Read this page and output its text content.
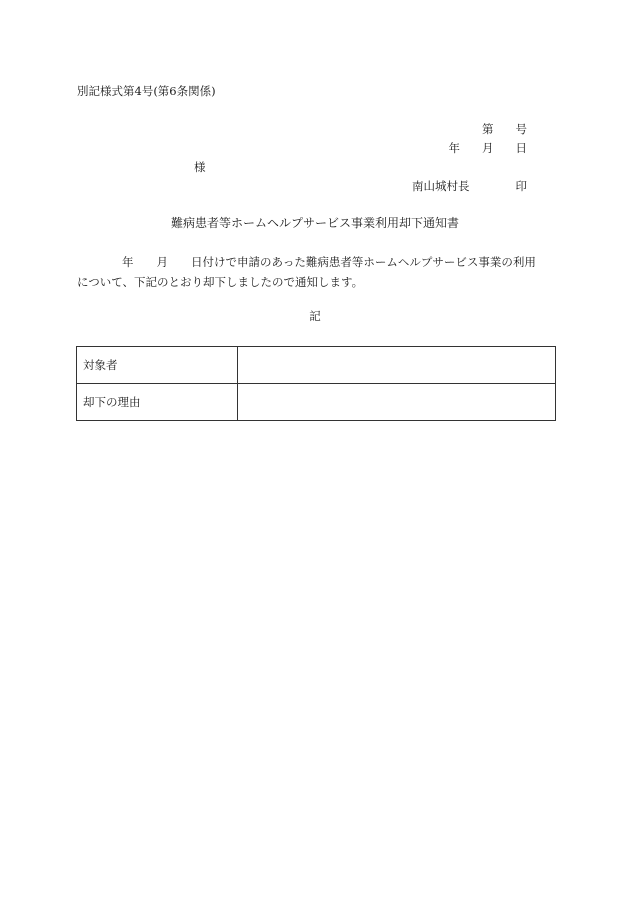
別記様式第4号(第6条関係)
第 号
年 月 日
様
南山城村長	印
難病患者等ホームヘルプサービス事業利用却下通知書
年 月 日付けで申請のあった難病患者等ホームヘルプサービス事業の利用
について、下記のとおり却下しましたので通知します。
記
対象者	
却下の理由	
